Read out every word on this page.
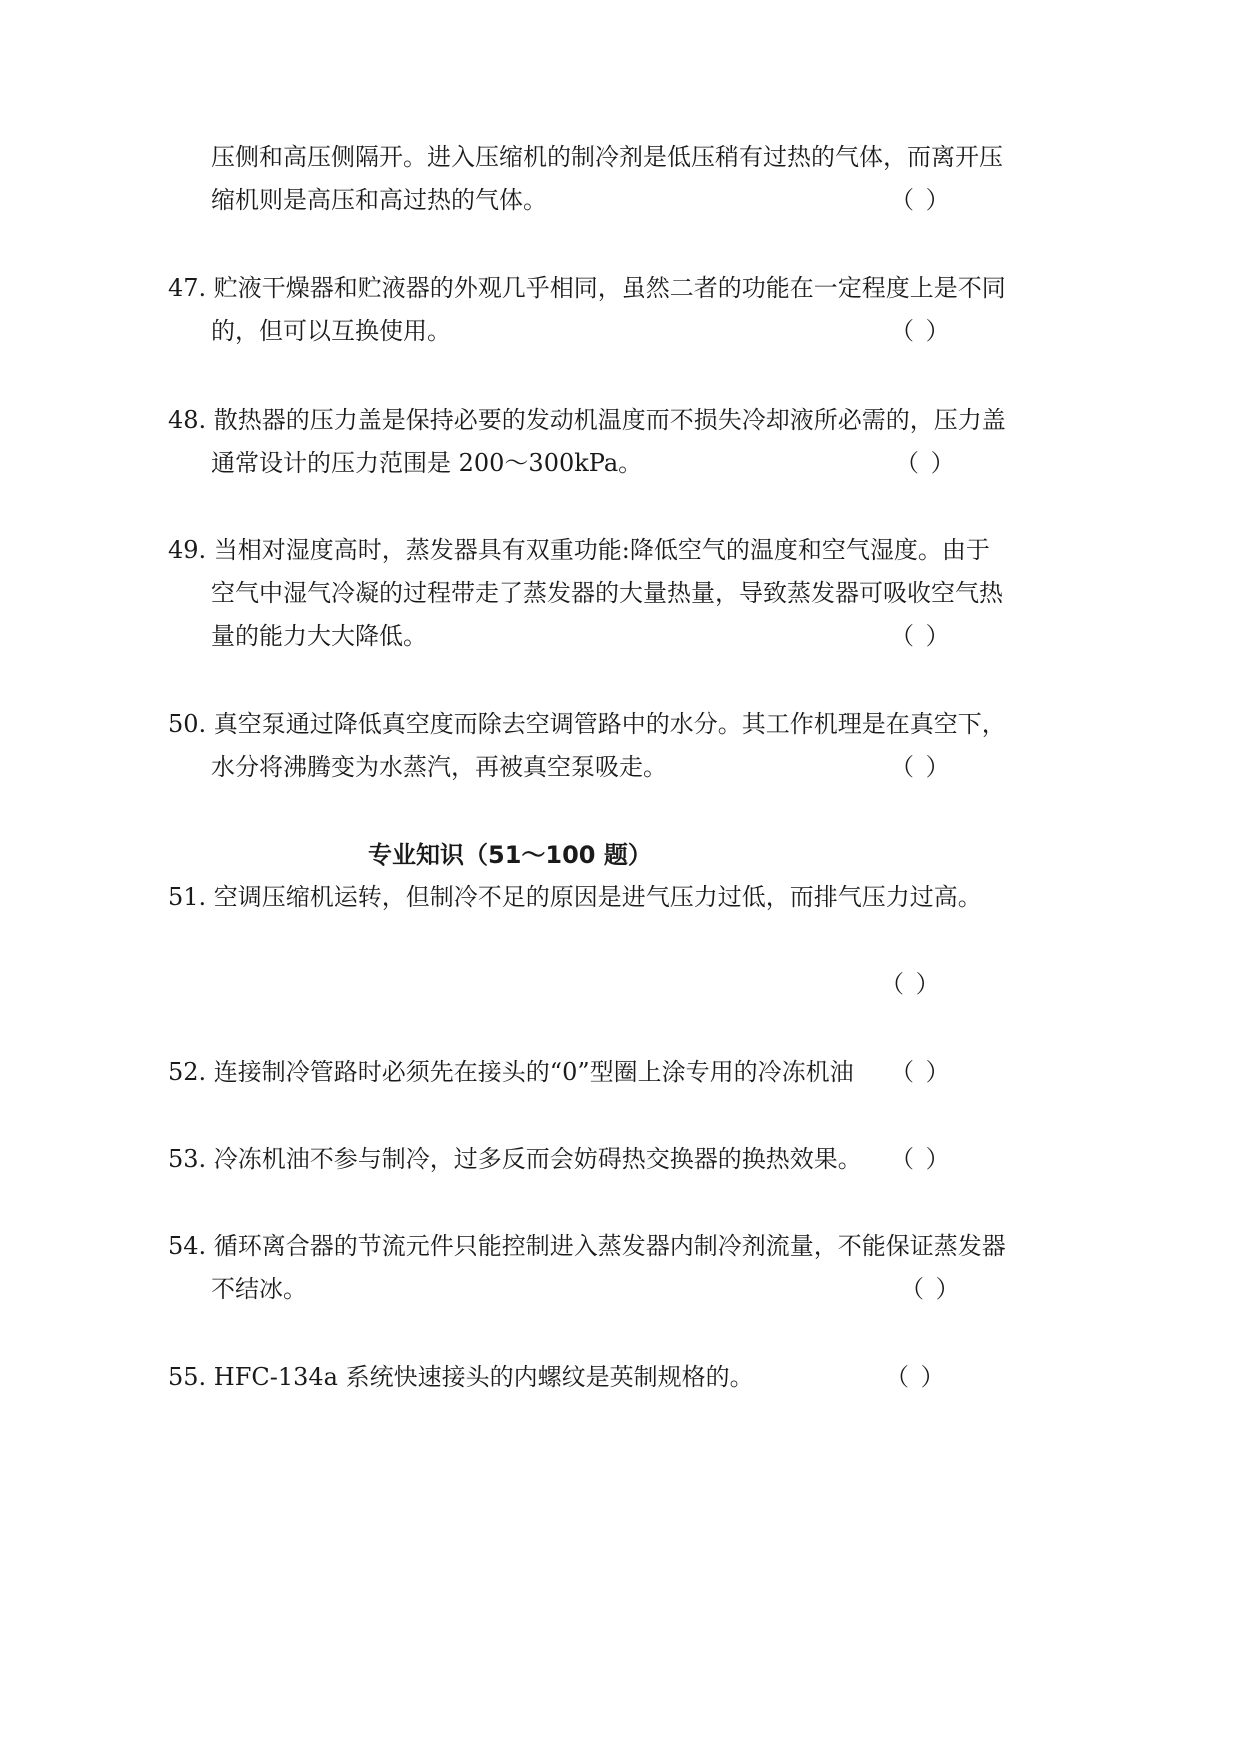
压侧和高压侧隔开。进入压缩机的制冷剂是低压稍有过热的气体，而离开压
缩机则是高压和高过热的气体。	（ ）
47. 贮液干燥器和贮液器的外观几乎相同，虽然二者的功能在一定程度上是不同
的，但可以互换使用。	（ ）
48. 散热器的压力盖是保持必要的发动机温度而不损失冷却液所必需的，压力盖
通常设计的压力范围是 200～300kPa。	（ ）
49. 当相对湿度高时，蒸发器具有双重功能:降低空气的温度和空气湿度。由于
空气中湿气冷凝的过程带走了蒸发器的大量热量，导致蒸发器可吸收空气热
量的能力大大降低。	（ ）
50. 真空泵通过降低真空度而除去空调管路中的水分。其工作机理是在真空下，
水分将沸腾变为水蒸汽，再被真空泵吸走。	（ ）
专业知识（51～100 题）
51. 空调压缩机运转，但制冷不足的原因是进气压力过低，而排气压力过高。
（ ）
52. 连接制冷管路时必须先在接头的“0”型圈上涂专用的冷冻机油 （ ）
53. 冷冻机油不参与制冷，过多反而会妨碍热交换器的换热效果。 （ ）
54. 循环离合器的节流元件只能控制进入蒸发器内制冷剂流量，不能保证蒸发器
不结冰。	（ ）
55. HFC-134a 系统快速接头的内螺纹是英制规格的。	（ ）
